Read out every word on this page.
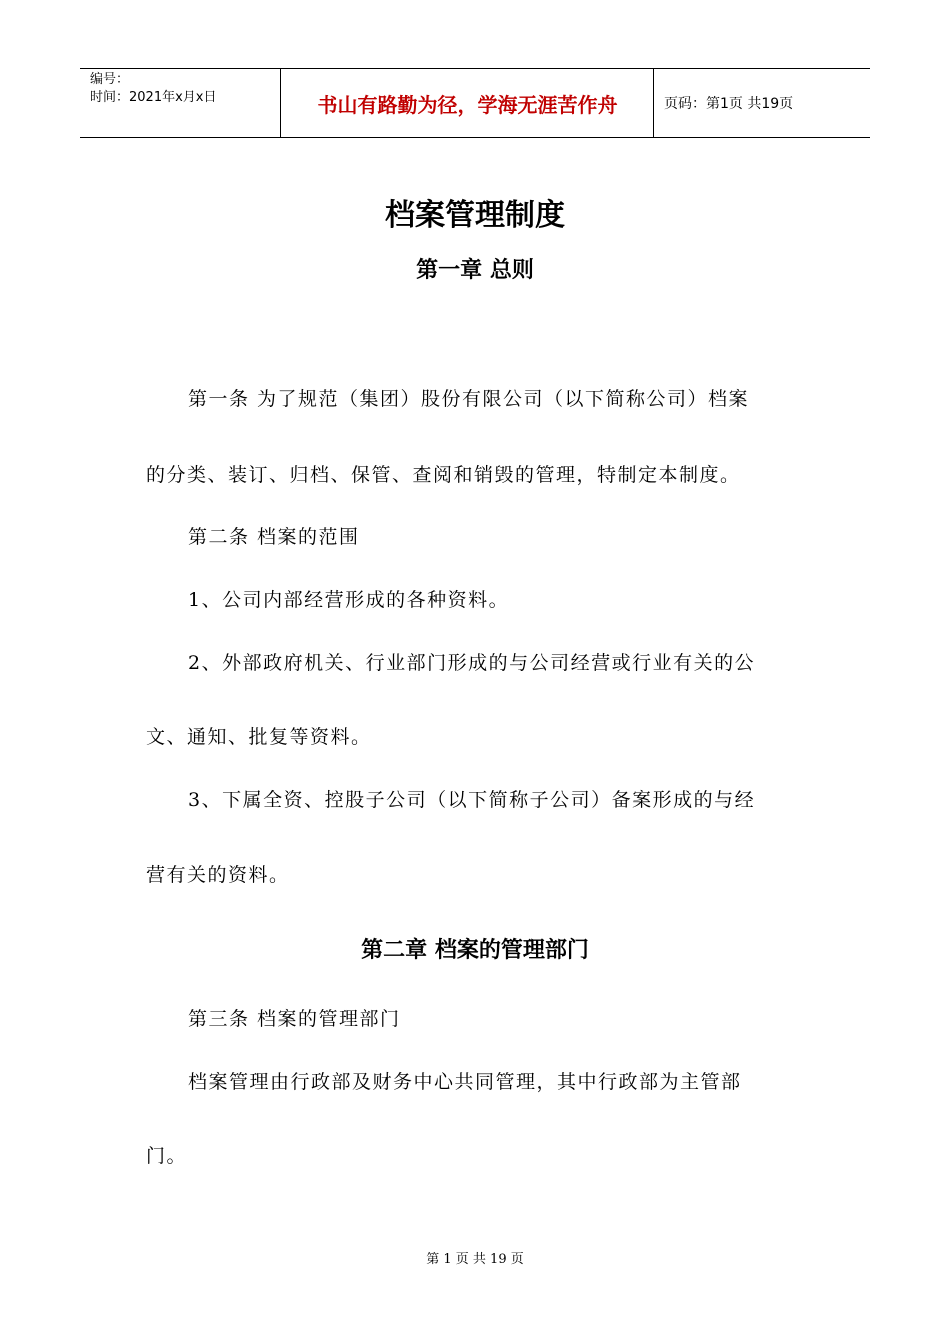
编号：
时间：2021年x月x日	书山有路勤为径，学海无涯苦作舟	页码：第1页 共19页
档案管理制度
第一章 总则
第一条 为了规范（集团）股份有限公司（以下简称公司）档案
的分类、装订、归档、保管、查阅和销毁的管理，特制定本制度。
第二条 档案的范围
1、公司内部经营形成的各种资料。
2、外部政府机关、行业部门形成的与公司经营或行业有关的公
文、通知、批复等资料。
3、下属全资、控股子公司（以下简称子公司）备案形成的与经
营有关的资料。
第二章 档案的管理部门
第三条 档案的管理部门
档案管理由行政部及财务中心共同管理，其中行政部为主管部
门。
第 1 页 共 19 页
